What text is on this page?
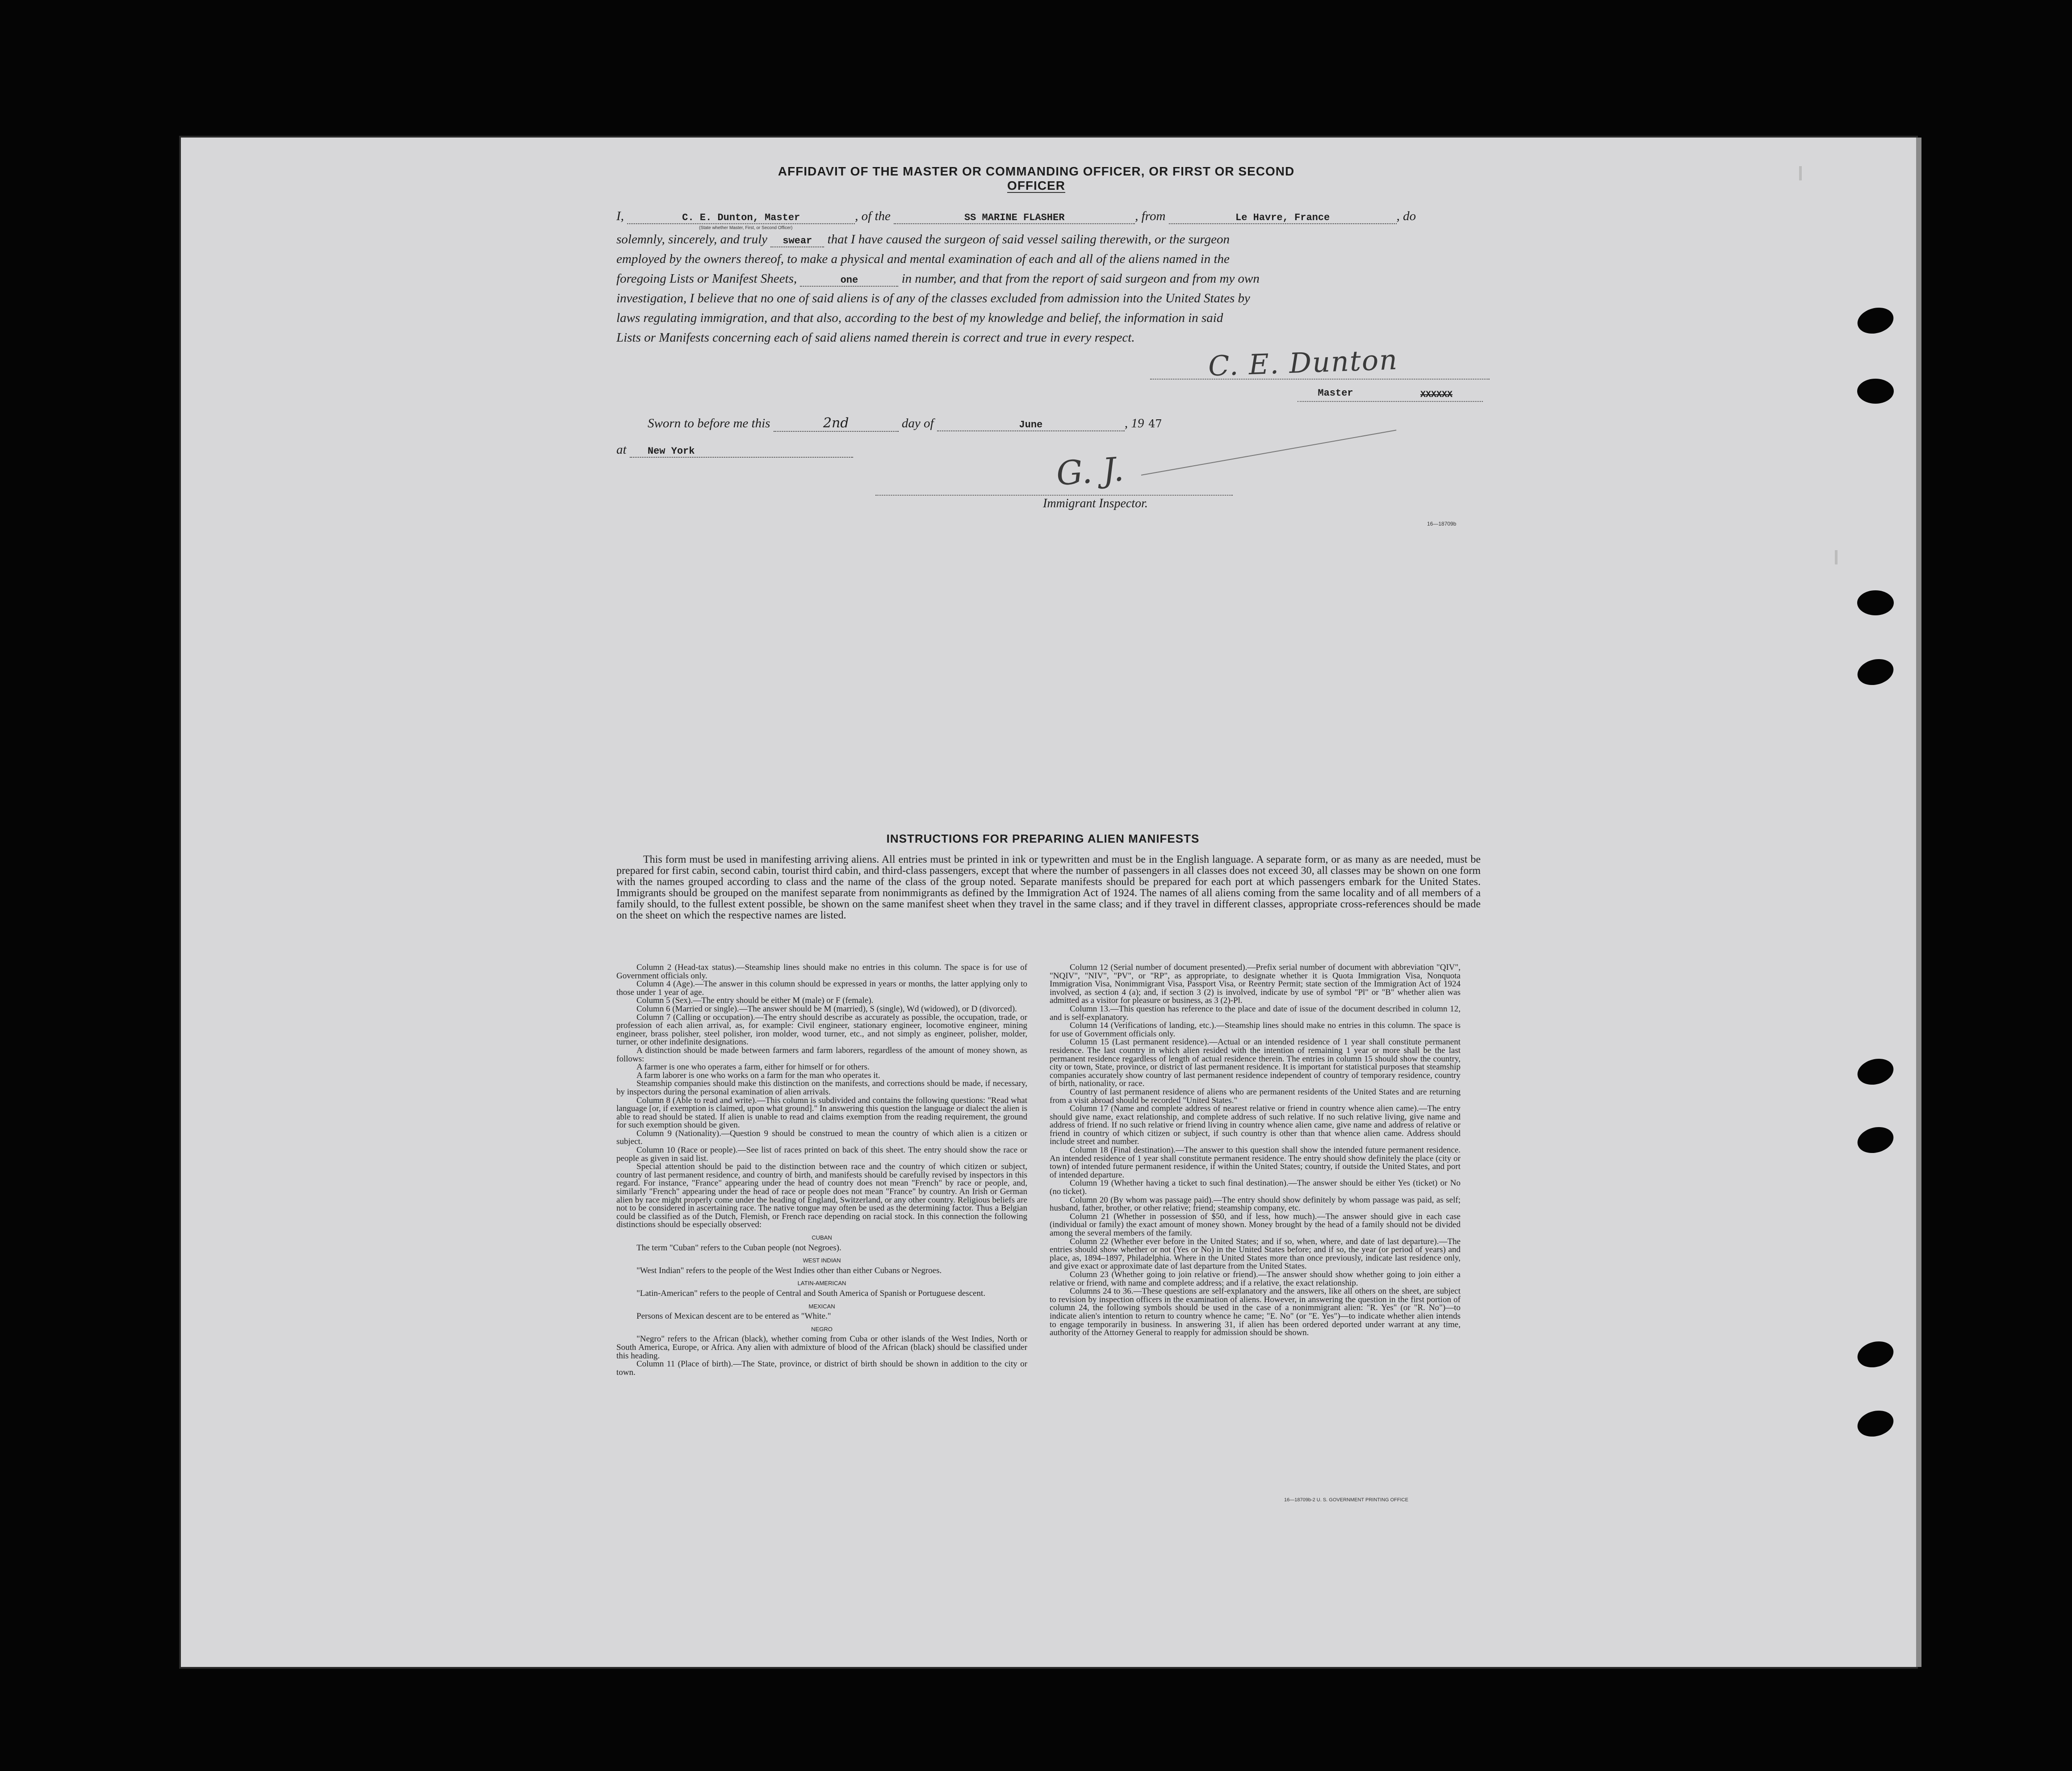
AFFIDAVIT OF THE MASTER OR COMMANDING OFFICER, OR FIRST OR SECOND OFFICER
I,	C. E. Dunton, Master	, of the	SS MARINE FLASHER	, from	Le Havre, France	, do
(State whether Master, First, or Second Officer)
solemnly, sincerely, and truly swear that I have caused the surgeon of said vessel sailing therewith, or the surgeon
employed by the owners thereof, to make a physical and mental examination of each and all of the aliens named in the
foregoing Lists or Manifest Sheets,	one	in number, and that from the report of said surgeon and from my own
investigation, I believe that no one of said aliens is of any of the classes excluded from admission into the United States by
laws regulating immigration, and that also, according to the best of my knowledge and belief, the information in said
Lists or Manifests concerning each of said aliens named therein is correct and true in every respect.
C. E. Dunton
Master	XXXXXX
Sworn to before me this	2nd	day of	June	, 19 47
at New York	G. J.
Immigrant Inspector.
16—18709b
INSTRUCTIONS FOR PREPARING ALIEN MANIFESTS

This form must be used in manifesting arriving aliens. All entries must be printed in ink or typewritten and must be in the English language. A separate form, or as many as are needed, must be prepared for first cabin, second cabin, tourist third cabin, and third-class passengers, except that where the number of passengers in all classes does not exceed 30, all classes may be shown on one form with the names grouped according to class and the name of the class of the group noted. Separate manifests should be prepared for each port at which passengers embark for the United States. Immigrants should be grouped on the manifest separate from nonimmigrants as defined by the Immigration Act of 1924. The names of all aliens coming from the same locality and of all members of a family should, to the fullest extent possible, be shown on the same manifest sheet when they travel in the same class; and if they travel in different classes, appropriate cross-references should be made on the sheet on which the respective names are listed.

Column 2 (Head-tax status).—Steamship lines should make no entries in this column. The space is for use of Government officials only.

Column 4 (Age).—The answer in this column should be expressed in years or months, the latter applying only to those under 1 year of age.

Column 5 (Sex).—The entry should be either M (male) or F (female).

Column 6 (Married or single).—The answer should be M (married), S (single), Wd (widowed), or D (divorced).

Column 7 (Calling or occupation).—The entry should describe as accurately as possible, the occupation, trade, or profession of each alien arrival, as, for example: Civil engineer, stationary engineer, locomotive engineer, mining engineer, brass polisher, steel polisher, iron molder, wood turner, etc., and not simply as engineer, polisher, molder, turner, or other indefinite designations.

A distinction should be made between farmers and farm laborers, regardless of the amount of money shown, as follows:

A farmer is one who operates a farm, either for himself or for others.

A farm laborer is one who works on a farm for the man who operates it.

Steamship companies should make this distinction on the manifests, and corrections should be made, if necessary, by inspectors during the personal examination of alien arrivals.

Column 8 (Able to read and write).—This column is subdivided and contains the following questions: "Read what language [or, if exemption is claimed, upon what ground]." In answering this question the language or dialect the alien is able to read should be stated. If alien is unable to read and claims exemption from the reading requirement, the ground for such exemption should be given.

Column 9 (Nationality).—Question 9 should be construed to mean the country of which alien is a citizen or subject.

Column 10 (Race or people).—See list of races printed on back of this sheet. The entry should show the race or people as given in said list.

Special attention should be paid to the distinction between race and the country of which citizen or subject, country of last permanent residence, and country of birth, and manifests should be carefully revised by inspectors in this regard. For instance, "France" appearing under the head of country does not mean "French" by race or people, and, similarly "French" appearing under the head of race or people does not mean "France" by country. An Irish or German alien by race might properly come under the heading of England, Switzerland, or any other country. Religious beliefs are not to be considered in ascertaining race. The native tongue may often be used as the determining factor. Thus a Belgian could be classified as of the Dutch, Flemish, or French race depending on racial stock. In this connection the following distinctions should be especially observed:

CUBAN

The term "Cuban" refers to the Cuban people (not Negroes).

WEST INDIAN

"West Indian" refers to the people of the West Indies other than either Cubans or Negroes.

LATIN-AMERICAN

"Latin-American" refers to the people of Central and South America of Spanish or Portuguese descent.

MEXICAN

Persons of Mexican descent are to be entered as "White."

NEGRO

"Negro" refers to the African (black), whether coming from Cuba or other islands of the West Indies, North or South America, Europe, or Africa. Any alien with admixture of blood of the African (black) should be classified under this heading.

Column 11 (Place of birth).—The State, province, or district of birth should be shown in addition to the city or town.

Column 12 (Serial number of document presented).—Prefix serial number of document with abbreviation "QIV", "NQIV", "NIV", "PV", or "RP", as appropriate, to designate whether it is Quota Immigration Visa, Nonquota Immigration Visa, Nonimmigrant Visa, Passport Visa, or Reentry Permit; state section of the Immigration Act of 1924 involved, as section 4 (a); and, if section 3 (2) is involved, indicate by use of symbol "Pl" or "B" whether alien was admitted as a visitor for pleasure or business, as 3 (2)-Pl.

Column 13.—This question has reference to the place and date of issue of the document described in column 12, and is self-explanatory.

Column 14 (Verifications of landing, etc.).—Steamship lines should make no entries in this column. The space is for use of Government officials only.

Column 15 (Last permanent residence).—Actual or an intended residence of 1 year shall constitute permanent residence. The last country in which alien resided with the intention of remaining 1 year or more shall be the last permanent residence regardless of length of actual residence therein. The entries in column 15 should show the country, city or town, State, province, or district of last permanent residence. It is important for statistical purposes that steamship companies accurately show country of last permanent residence independent of country of temporary residence, country of birth, nationality, or race.

Country of last permanent residence of aliens who are permanent residents of the United States and are returning from a visit abroad should be recorded "United States."

Column 17 (Name and complete address of nearest relative or friend in country whence alien came).—The entry should give name, exact relationship, and complete address of such relative. If no such relative living, give name and address of friend. If no such relative or friend living in country whence alien came, give name and address of relative or friend in country of which citizen or subject, if such country is other than that whence alien came. Address should include street and number.

Column 18 (Final destination).—The answer to this question shall show the intended future permanent residence. An intended residence of 1 year shall constitute permanent residence. The entry should show definitely the place (city or town) of intended future permanent residence, if within the United States; country, if outside the United States, and port of intended departure.

Column 19 (Whether having a ticket to such final destination).—The answer should be either Yes (ticket) or No (no ticket).

Column 20 (By whom was passage paid).—The entry should show definitely by whom passage was paid, as self; husband, father, brother, or other relative; friend; steamship company, etc.

Column 21 (Whether in possession of $50, and if less, how much).—The answer should give in each case (individual or family) the exact amount of money shown. Money brought by the head of a family should not be divided among the several members of the family.

Column 22 (Whether ever before in the United States; and if so, when, where, and date of last departure).—The entries should show whether or not (Yes or No) in the United States before; and if so, the year (or period of years) and place, as, 1894–1897, Philadelphia. Where in the United States more than once previously, indicate last residence only, and give exact or approximate date of last departure from the United States.

Column 23 (Whether going to join relative or friend).—The answer should show whether going to join either a relative or friend, with name and complete address; and if a relative, the exact relationship.

Columns 24 to 36.—These questions are self-explanatory and the answers, like all others on the sheet, are subject to revision by inspection officers in the examination of aliens. However, in answering the question in the first portion of column 24, the following symbols should be used in the case of a nonimmigrant alien: "R. Yes" (or "R. No")—to indicate alien's intention to return to country whence he came; "E. No" (or "E. Yes")—to indicate whether alien intends to engage temporarily in business. In answering 31, if alien has been ordered deported under warrant at any time, authority of the Attorney General to reapply for admission should be shown.

16—18709b-2 U. S. GOVERNMENT PRINTING OFFICE
